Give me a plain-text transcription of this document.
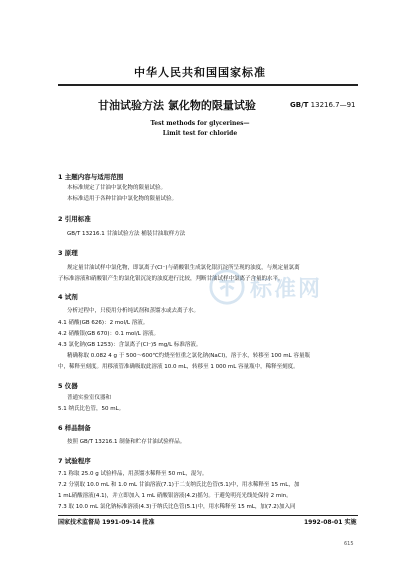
中华人民共和国国家标准
甘油试验方法 氯化物的限量试验	GB/T 13216.7—91
Test methods for glycerines—
Limit test for chloride
1 主题内容与适用范围
本标准规定了甘油中氯化物的限量试验。
本标准适用于各种甘油中氯化物的限量试验。
2 引用标准
GB/T 13216.1 甘油试验方法 桶装甘油取样方法
3 原理
规定量甘油试样中氯化物，即氯离子(Cl⁻)与硝酸银生成氯化银沉淀所呈现的浊度，与规定量氯离
子标准溶液和硝酸银产生的氯化银沉淀的浊度进行比较，判断甘油试样中氯离子含量的水平。
4 试剂
分析过程中，只使用分析纯试剂和蒸馏水或去离子水。
4.1 硝酸(GB 626)：2 mol/L 溶液。
4.2 硝酸银(GB 670)：0.1 mol/L 溶液。
4.3 氯化钠(GB 1253)：含氯离子(Cl⁻)5 mg/L 标准溶液。
精确称取 0.082 4 g 于 500～600℃灼烧至恒重之氯化钠(NaCl)，溶于水，转移至 100 mL 容量瓶
中，稀释至刻度。用移液管准确吸取此溶液 10.0 mL，转移至 1 000 mL 容量瓶中，稀释至刻度。
5 仪器
普通实验室仪器和
5.1 纳氏比色管，50 mL。
6 样品制备
按照 GB/T 13216.1 制备和贮存甘油试验样品。
7 试验程序
7.1 称取 25.0 g 试验样品，用蒸馏水稀释至 50 mL，混匀。
7.2 分别取 10.0 mL 和 1.0 mL 甘油溶液(7.1)于二支纳氏比色管(5.1)中，用水稀释至 15 mL，加
1 mL硝酸溶液(4.1)，并立即加入 1 mL 硝酸银溶液(4.2)摇匀。于避免明亮光线处保持 2 min。
7.3 取 10.0 mL 氯化钠标准溶液(4.3)于纳氏比色管(5.1)中，用水稀释至 15 mL，加(7.2)加入同
国家技术监督局 1991-09-14 批准	1992-08-01 实施
615
标准网
